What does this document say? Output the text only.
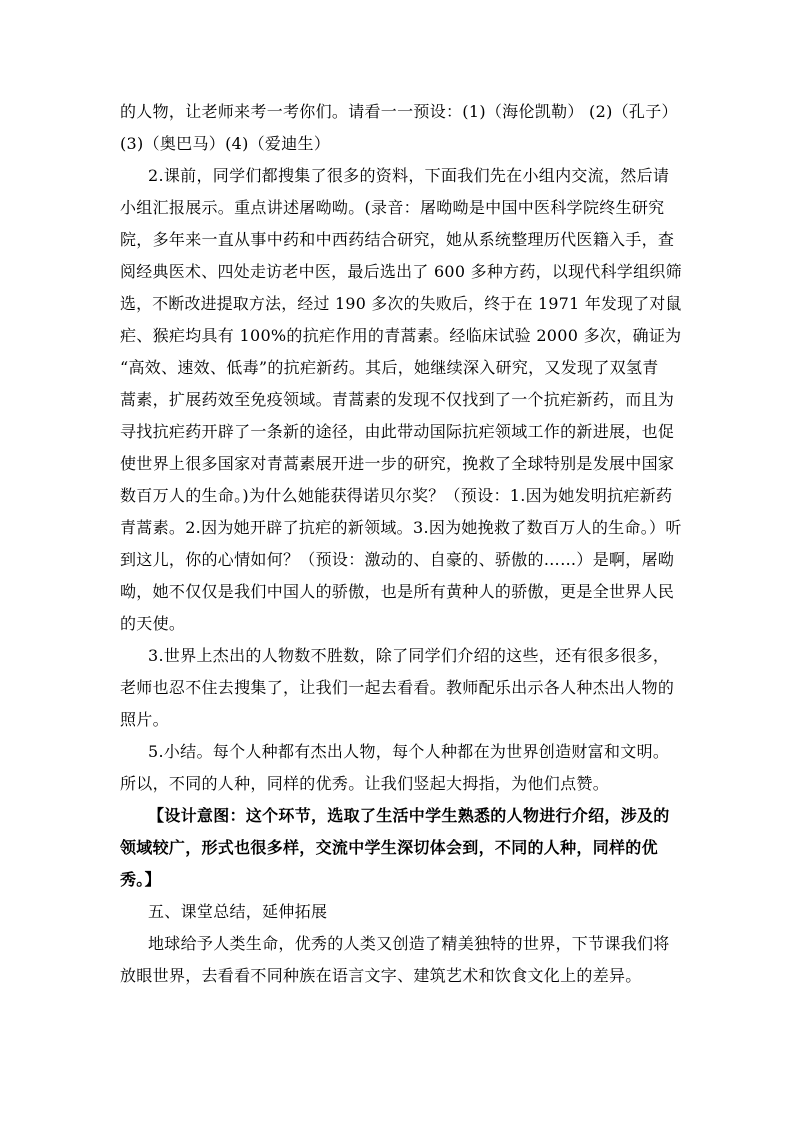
的人物，让老师来考一考你们。请看一一预设：(1)（海伦凯勒） (2)（孔子）
(3)（奥巴马）(4)（爱迪生）
2.课前，同学们都搜集了很多的资料，下面我们先在小组内交流，然后请
小组汇报展示。重点讲述屠呦呦。(录音：屠呦呦是中国中医科学院终生研究
院，多年来一直从事中药和中西药结合研究，她从系统整理历代医籍入手，查
阅经典医术、四处走访老中医，最后选出了 600 多种方药，以现代科学组织筛
选，不断改进提取方法，经过 190 多次的失败后，终于在 1971 年发现了对鼠
疟、猴疟均具有 100%的抗疟作用的青蒿素。经临床试验 2000 多次，确证为
“高效、速效、低毒”的抗疟新药。其后，她继续深入研究，又发现了双氢青
蒿素，扩展药效至免疫领域。青蒿素的发现不仅找到了一个抗疟新药，而且为
寻找抗疟药开辟了一条新的途径，由此带动国际抗疟领域工作的新进展，也促
使世界上很多国家对青蒿素展开进一步的研究，挽救了全球特别是发展中国家
数百万人的生命。)为什么她能获得诺贝尔奖？（预设：1.因为她发明抗疟新药
青蒿素。2.因为她开辟了抗疟的新领域。3.因为她挽救了数百万人的生命。）听
到这儿，你的心情如何？（预设：激动的、自豪的、骄傲的……）是啊，屠呦
呦，她不仅仅是我们中国人的骄傲，也是所有黄种人的骄傲，更是全世界人民
的天使。
3.世界上杰出的人物数不胜数，除了同学们介绍的这些，还有很多很多，
老师也忍不住去搜集了，让我们一起去看看。教师配乐出示各人种杰出人物的
照片。
5.小结。每个人种都有杰出人物，每个人种都在为世界创造财富和文明。
所以，不同的人种，同样的优秀。让我们竖起大拇指，为他们点赞。
【设计意图：这个环节，选取了生活中学生熟悉的人物进行介绍，涉及的
领域较广，形式也很多样，交流中学生深切体会到，不同的人种，同样的优
秀。】
五、课堂总结，延伸拓展
地球给予人类生命，优秀的人类又创造了精美独特的世界，下节课我们将
放眼世界，去看看不同种族在语言文字、建筑艺术和饮食文化上的差异。
